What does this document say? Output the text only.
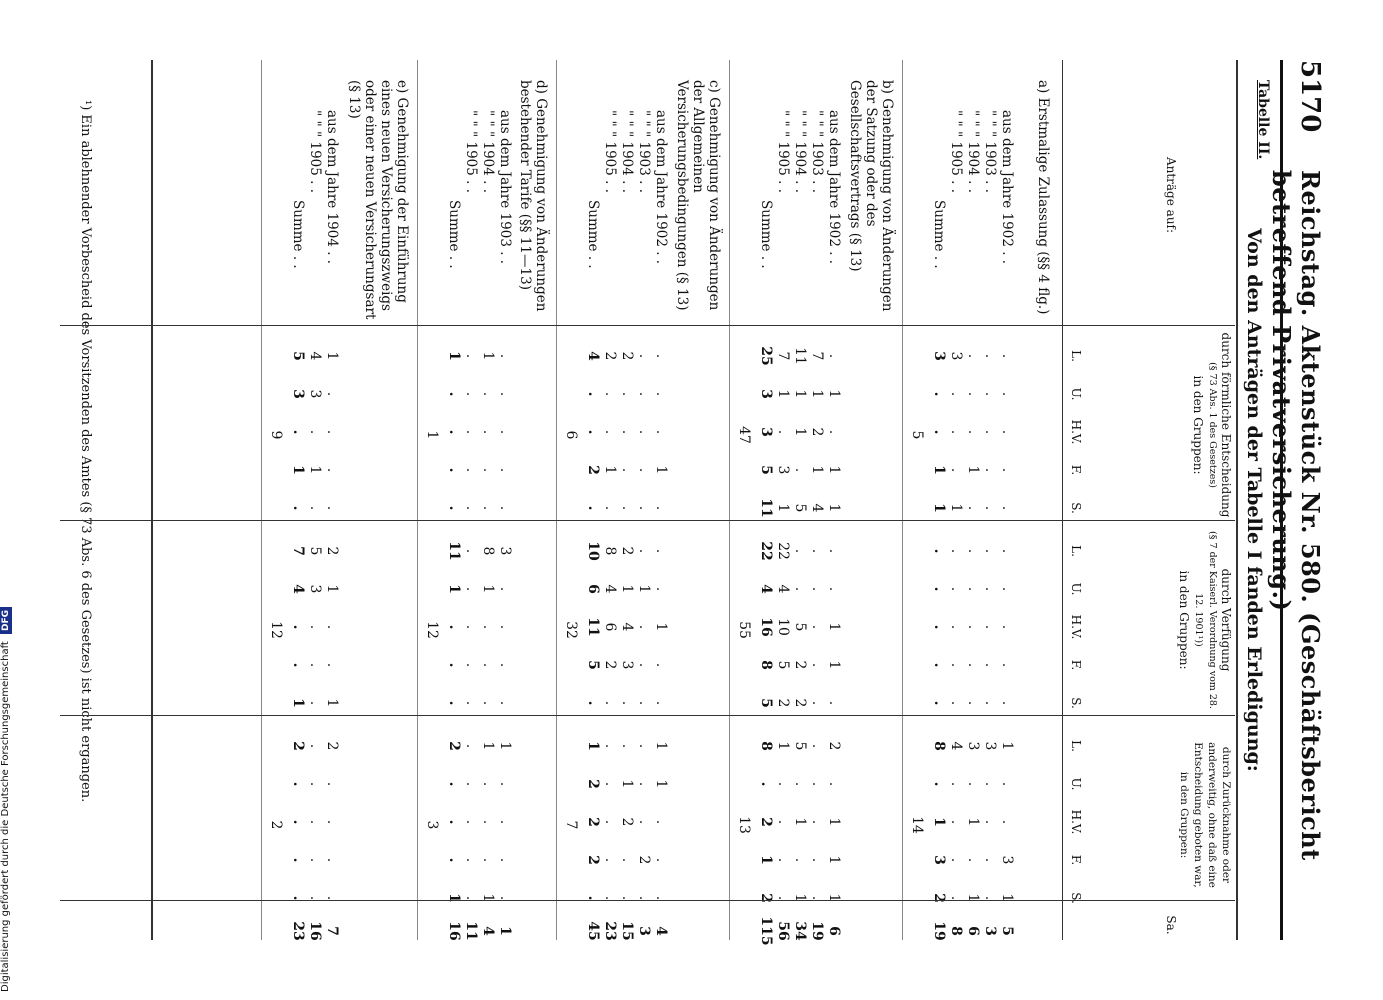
5170
Reichstag. Aktenstück Nr. 580. (Geschäftsbericht betreffend Privatversicherung.)
Tabelle II.
Von den Anträgen der Tabelle I fanden Erledigung:
Anträge auf:
durch förmliche Entscheidung
(§ 73 Abs. 1 des Gesetzes)
in den Gruppen:
durch Verfügung
(§ 7 der Kaiserl. Verordnung vom 28. 12. 1901¹))
in den Gruppen:
durch Zurücknahme oder anderweitig, ohne daß eine Entscheidung geboten war,
in den Gruppen:
Sa.
L.
U.
H.V.
F.
S.
L.
U.
H.V.
F.
S.
L.
U.
H.V.
F.
S.
a) Erstmalige Zulassung (§§ 4 flg.)
aus dem Jahre 1902 . .
.
.
.
.
.
.
.
.
.
.
1
.
.
3
1
5
" " " 1903 . .
.
.
.
.
.
.
.
.
.
.
3
.
.
.
.
3
" " " 1904 . .
.
.
.
1
.
.
.
.
.
.
3
.
1
.
1
6
" " " 1905 . .
3
.
.
.
1
.
.
.
.
.
4
.
.
.
.
8
Summe . .
3
.
.
1
1
.
.
.
.
.
8
.
1
3
2
19
5
14
b) Genehmigung von Änderungen der Satzung oder des Gesellschaftsvertrags (§ 13)
aus dem Jahre 1902 . .
.
1
.
1
1
.
.
1
1
.
2
.
1
1
1
6
" " " 1903 . .
7
1
2
1
4
.
.
.
.
.
.
.
.
.
.
19
" " " 1904 . .
11
1
1
.
5
.
.
5
2
2
5
.
1
.
1
34
" " " 1905 . .
7
1
.
3
1
22
4
10
5
2
1
.
.
.
.
56
Summe . .
25
3
3
5
11
22
4
16
8
5
8
.
2
1
2
115
47
55
13
c) Genehmigung von Änderungen der Allgemeinen Versicherungsbedingungen (§ 13)
aus dem Jahre 1902 . .
.
.
.
1
.
.
.
1
.
.
1
1
.
.
.
4
" " " 1903 . .
.
.
.
.
.
.
1
.
.
.
.
.
.
2
.
3
" " " 1904 . .
2
.
.
.
.
2
1
4
3
.
.
1
2
.
.
15
" " " 1905 . .
2
.
.
1
.
8
4
6
2
.
.
.
.
.
.
23
Summe . .
4
.
.
2
.
10
6
11
5
.
1
2
2
2
.
45
6
32
7
d) Genehmigung von Änderungen bestehender Tarife (§§ 11—13)
aus dem Jahre 1903 . .
.
.
.
.
.
3
.
.
.
.
1
.
.
.
.
1
" " " 1904 . .
1
.
.
.
.
8
1
.
.
.
1
.
.
.
1
4
" " " 1905 . .
.
.
.
.
.
.
.
.
.
.
.
.
.
.
.
11
Summe . .
1
.
.
.
.
11
1
.
.
.
2
.
.
.
1
16
1
12
3
e) Genehmigung der Einführung eines neuen Versicherungszweigs oder einer neuen Versicherungsart (§ 13)
aus dem Jahre 1904 . .
1
.
.
.
.
2
1
.
.
1
2
.
.
.
.
7
" " " 1905 . .
4
3
.
1
.
5
3
.
.
.
.
.
.
.
.
16
Summe . .
5
3
.
1
.
7
4
.
.
1
2
.
.
.
.
23
9
12
2
¹) Ein ablehnender Vorbescheid des Vorsitzenden des Amtes (§ 73 Abs. 6 des Gesetzes) ist nicht ergangen.
Digitalisierung gefördert durch die Deutsche Forschungsgemeinschaft DFG
